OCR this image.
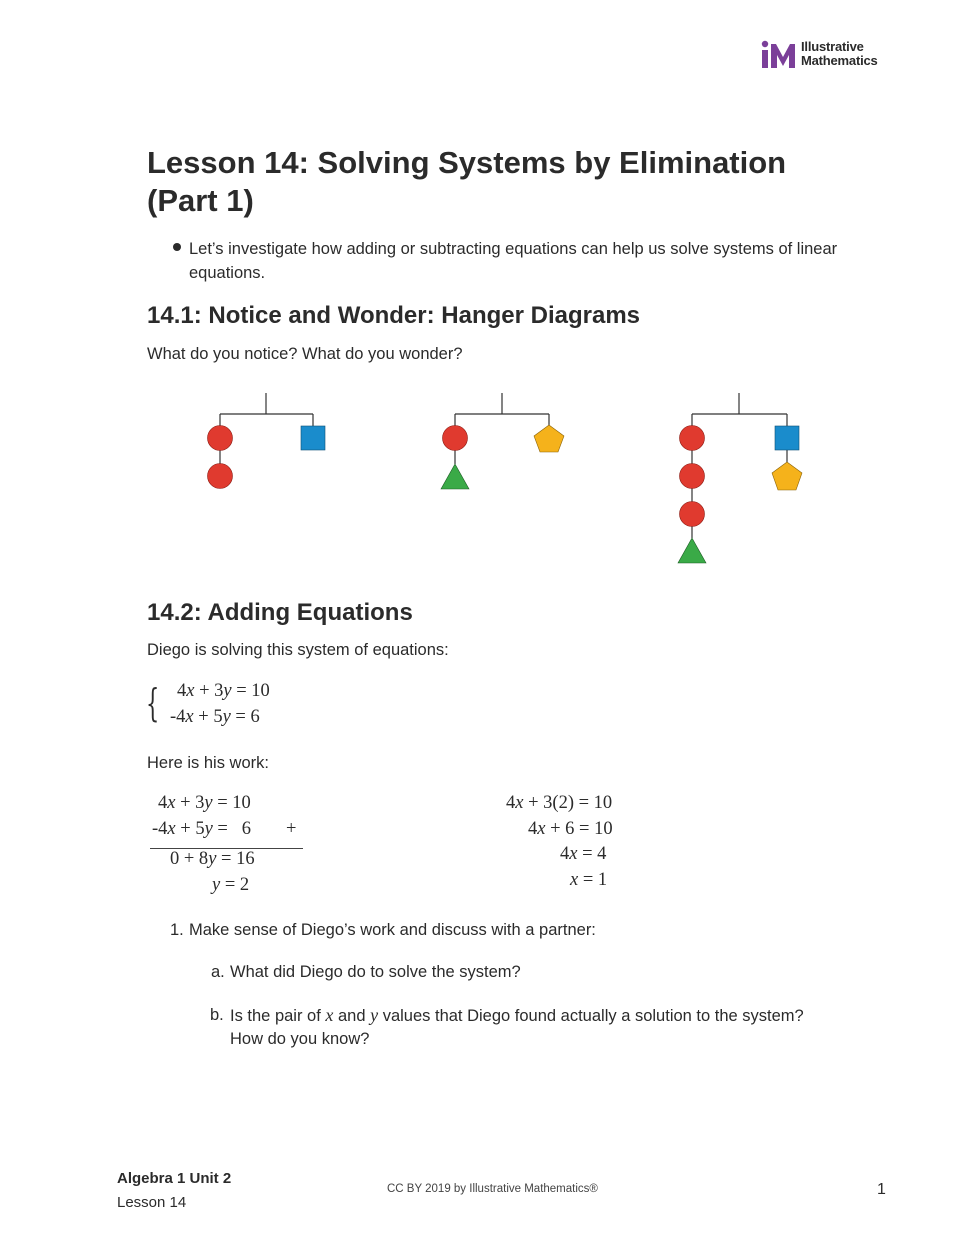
Illustrative
Mathematics
Lesson 14: Solving Systems by Elimination (Part 1)
Let’s investigate how adding or subtracting equations can help us solve systems of linear equations.
14.1: Notice and Wonder: Hanger Diagrams
What do you notice? What do you wonder?
14.2: Adding Equations
Diego is solving this system of equations:
{ 4x + 3y = 10
-4x + 5y = 6
Here is his work:
4x + 3y = 10
-4x + 5y =   6 +
0 + 8y = 16
y = 2
4x + 3(2) = 10
4x + 6 = 10
4x = 4
x = 1
1. Make sense of Diego’s work and discuss with a partner:
a. What did Diego do to solve the system?
b. Is the pair of x and y values that Diego found actually a solution to the system?
How do you know?
Algebra 1 Unit 2
Lesson 14
CC BY 2019 by Illustrative Mathematics®	1
